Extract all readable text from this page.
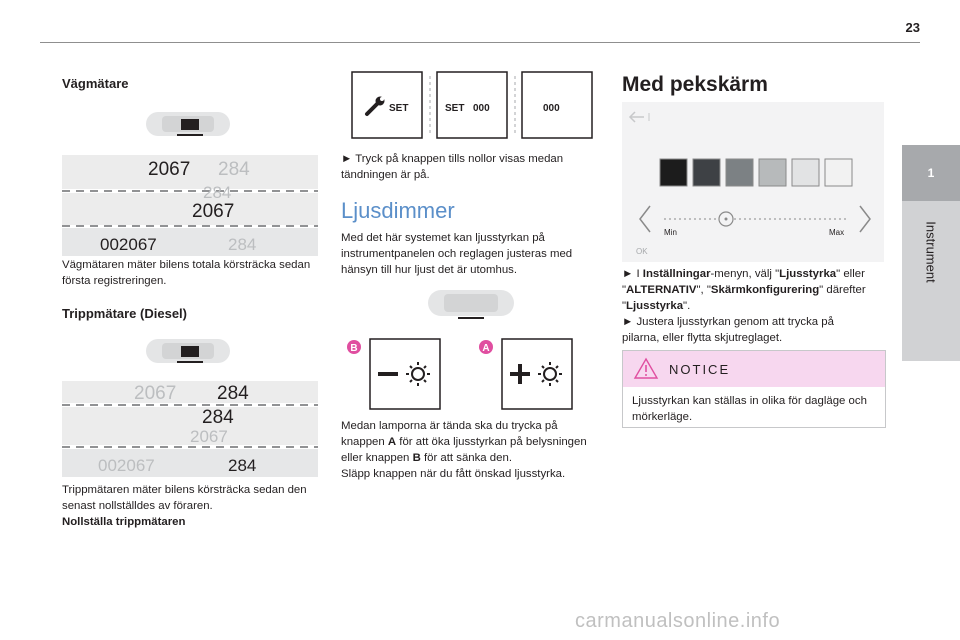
23
1
Instrument
Vägmätare
2067 284
284
2067
002067	284
Vägmätaren mäter bilens totala körsträcka sedan första registreringen.
Trippmätare (Diesel)
2067 284
284
2067
002067	284
Trippmätaren mäter bilens körsträcka sedan den senast nollställdes av föraren.
Nollställa trippmätaren
SET	SET 000	000
► Tryck på knappen tills nollor visas medan tändningen är på.
Ljusdimmer
Med det här systemet kan ljusstyrkan på instrumentpanelen och reglagen justeras med hänsyn till hur ljust det är utomhus.
B	A
Medan lamporna är tända ska du trycka på
knappen A för att öka ljusstyrkan på belysningen
eller knappen B för att sänka den.
Släpp knappen när du fått önskad ljusstyrka.
Med pekskärm
Min	Max
OK
► I Inställningar-menyn, välj "Ljusstyrka" eller
"ALTERNATIV", "Skärmkonfigurering" därefter
"Ljusstyrka".
► Justera ljusstyrkan genom att trycka på
pilarna, eller flytta skjutreglaget.
NOTICE
Ljusstyrkan kan ställas in olika för dagläge och mörkerläge.
carmanualsonline.info
